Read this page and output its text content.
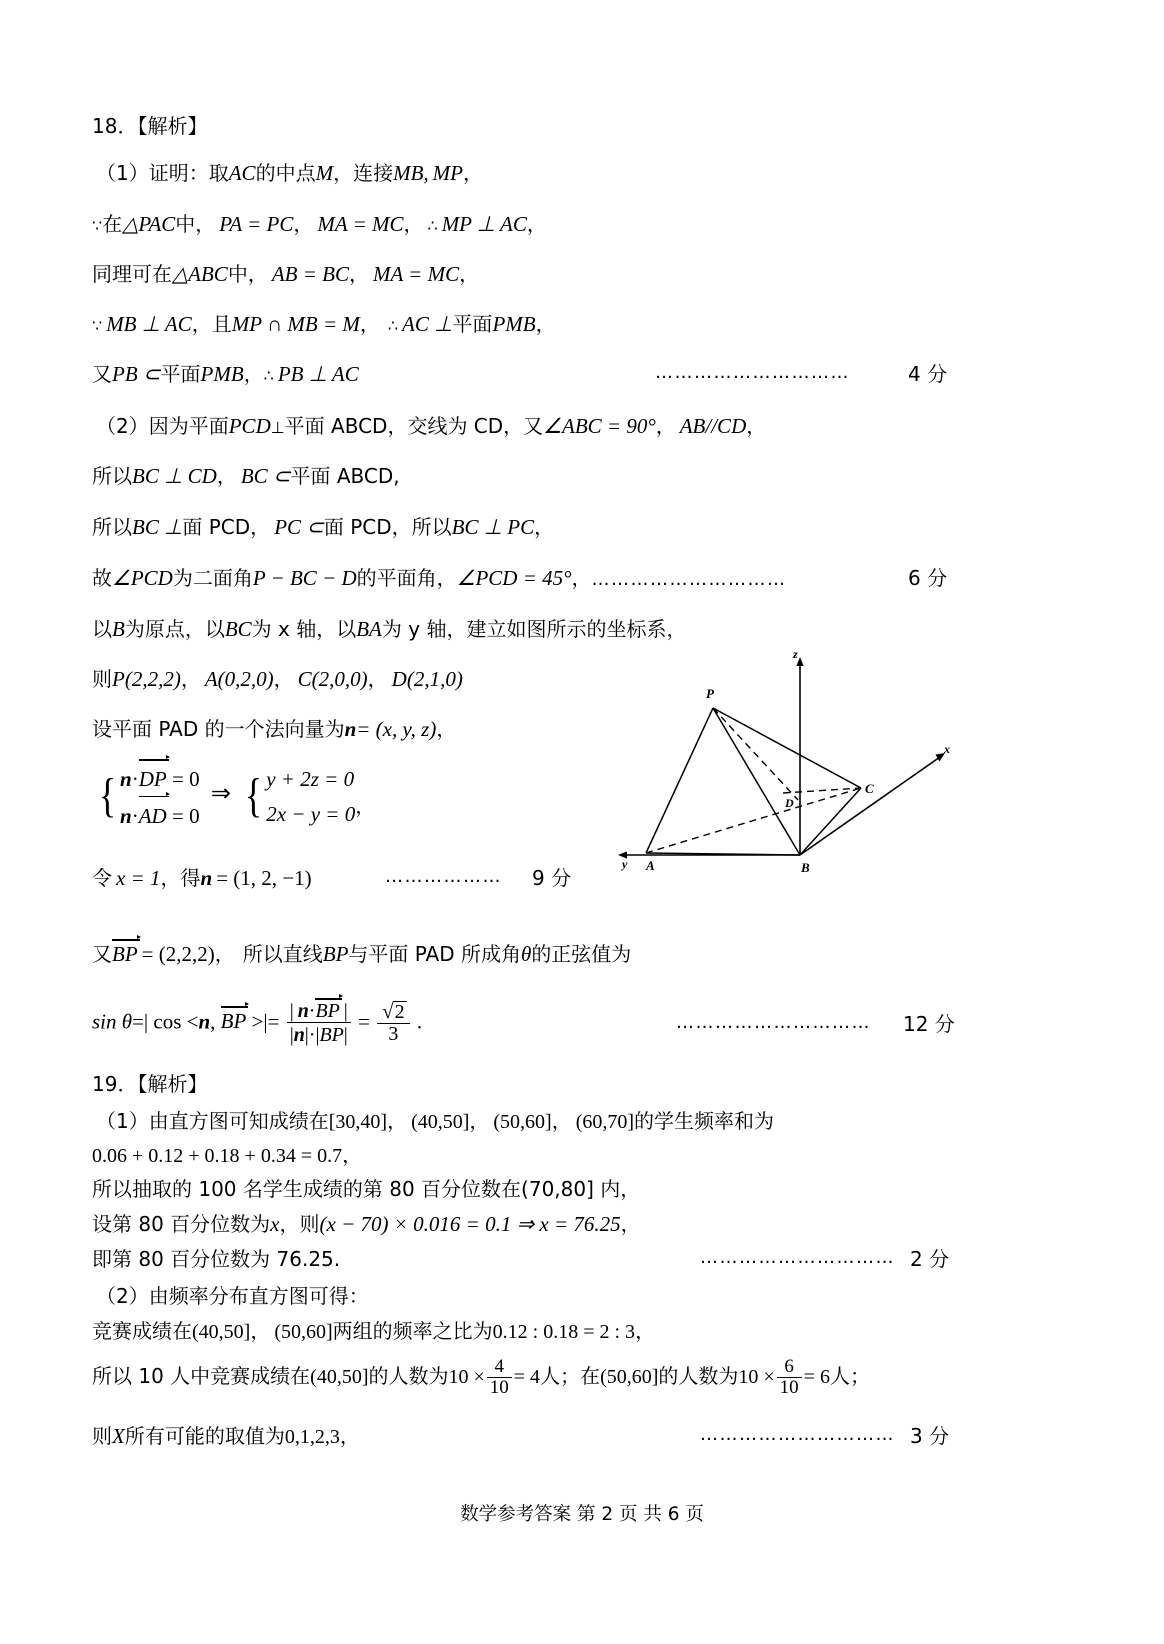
18．【解析】
（1）证明：取AC的中点M，连接MB, MP，
∵在△PAC中， PA = PC， MA = MC， ∴ MP ⊥ AC，
同理可在△ABC中， AB = BC， MA = MC，
∵ MB ⊥ AC，且MP ∩ MB = M， ∴ AC ⊥平面PMB，
又PB ⊂平面PMB，∴ PB ⊥ AC	…………………………	4 分
（2）因为平面PCD⊥平面 ABCD，交线为 CD，又∠ABC = 90°， AB//CD，
所以BC ⊥ CD， BC ⊂平面 ABCD,
所以BC ⊥面 PCD， PC ⊂面 PCD，所以BC ⊥ PC，
故∠PCD为二面角P − BC − D的平面角，∠PCD = 45°，…………………………	6 分
以B为原点，以BC为 x 轴，以BA为 y 轴，建立如图所示的坐标系，
则P(2,2,2)， A(0,2,0)， C(2,0,0)， D(2,1,0)
设平面 PAD 的一个法向量为n= (x, y, z)，
{ n·DP = 0
n·AD = 0
⇒ { y + 2z = 0
2x − y = 0 ，
令 x = 1，得n = (1, 2, −1)	……………… 9 分
又BP = (2,2,2)， 所以直线BP与平面 PAD 所成角θ的正弦值为
sin θ=| cos <n, BP >|= | n·BP
 |
$|n|\cdot|BP| = \frac{√2}{3}$ .	………………………… 12 分
z
x
y
P
A	B
C
D
19．【解析】
（1）由直方图可知成绩在[30,40]， (40,50]， (50,60]， (60,70]的学生频率和为
0.06 + 0.12 + 0.18 + 0.34 = 0.7，
所以抽取的 100 名学生成绩的第 80 百分位数在(70,80] 内，
设第 80 百分位数为x，则(x − 70) × 0.016 = 0.1 ⇒ x = 76.25，
即第 80 百分位数为 76.25.	………………………… 2 分
（2）由频率分布直方图可得：
竞赛成绩在(40,50]， (50,60]两组的频率之比为0.12 : 0.18 = 2 : 3，
所以 10 人中竞赛成绩在(40,50]的人数为$10 \times \frac{4}{10} = 4$人；在(50,60]的人数为$10 \times \frac{6}{10} = 6$人；
则X所有可能的取值为0,1,2,3，	………………………… 3 分
数学参考答案 第 2 页 共 6 页
